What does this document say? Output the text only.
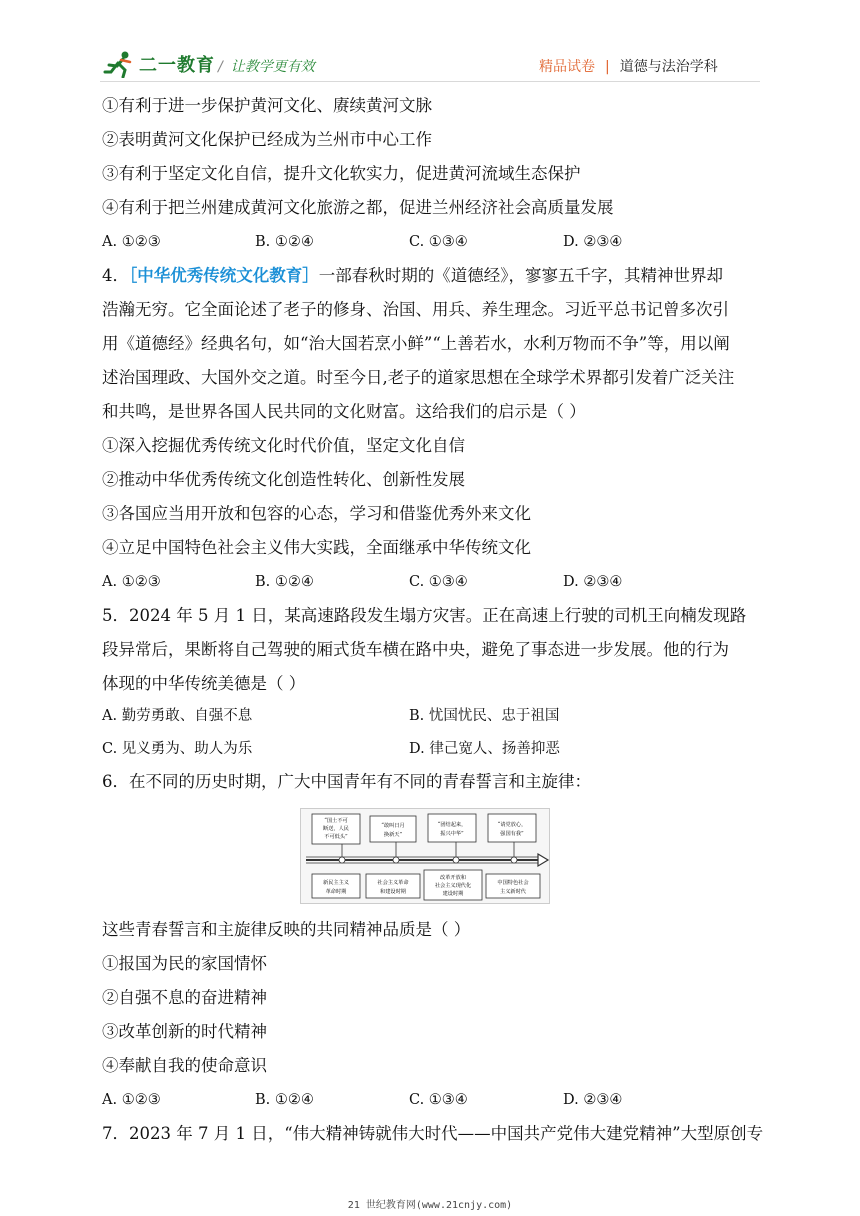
二一教育 / 让教学更有效	精品试卷 | 道德与法治学科
①有利于进一步保护黄河文化、赓续黄河文脉
②表明黄河文化保护已经成为兰州市中心工作
③有利于坚定文化自信，提升文化软实力，促进黄河流域生态保护
④有利于把兰州建成黄河文化旅游之都，促进兰州经济社会高质量发展
A. ①②③	B. ①②④	C. ①③④	D. ②③④
4．［中华优秀传统文化教育］一部春秋时期的《道德经》，寥寥五千字，其精神世界却
浩瀚无穷。它全面论述了老子的修身、治国、用兵、养生理念。习近平总书记曾多次引
用《道德经》经典名句，如“治大国若烹小鲜”“上善若水，水利万物而不争”等，用以阐
述治国理政、大国外交之道。时至今日,老子的道家思想在全球学术界都引发着广泛关注
和共鸣，是世界各国人民共同的文化财富。这给我们的启示是（ ）
①深入挖掘优秀传统文化时代价值，坚定文化自信
②推动中华优秀传统文化创造性转化、创新性发展
③各国应当用开放和包容的心态，学习和借鉴优秀外来文化
④立足中国特色社会主义伟大实践，全面继承中华传统文化
A. ①②③	B. ①②④	C. ①③④	D. ②③④
5．2024 年 5 月 1 日，某高速路段发生塌方灾害。正在高速上行驶的司机王向楠发现路
段异常后，果断将自己驾驶的厢式货车横在路中央，避免了事态进一步发展。他的行为
体现的中华传统美德是（ ）
A. 勤劳勇敢、自强不息	B. 忧国忧民、忠于祖国
C. 见义勇为、助人为乐	D. 律己宽人、扬善抑恶
6．在不同的历史时期，广大中国青年有不同的青春誓言和主旋律：
“国土不可
断送，人民
不可低头”
“敢叫日月
换新天”
“团结起来，
振兴中华”
“请党放心，
强国有我”
新民主主义
革命时期
社会主义革命
和建设时期
改革开放和
社会主义现代化
建设时期
中国特色社会
主义新时代
这些青春誓言和主旋律反映的共同精神品质是（ ）
①报国为民的家国情怀
②自强不息的奋进精神
③改革创新的时代精神
④奉献自我的使命意识
A. ①②③	B. ①②④	C. ①③④	D. ②③④
7．2023 年 7 月 1 日，“伟大精神铸就伟大时代——中国共产党伟大建党精神”大型原创专
21 世纪教育网(www.21cnjy.com)
